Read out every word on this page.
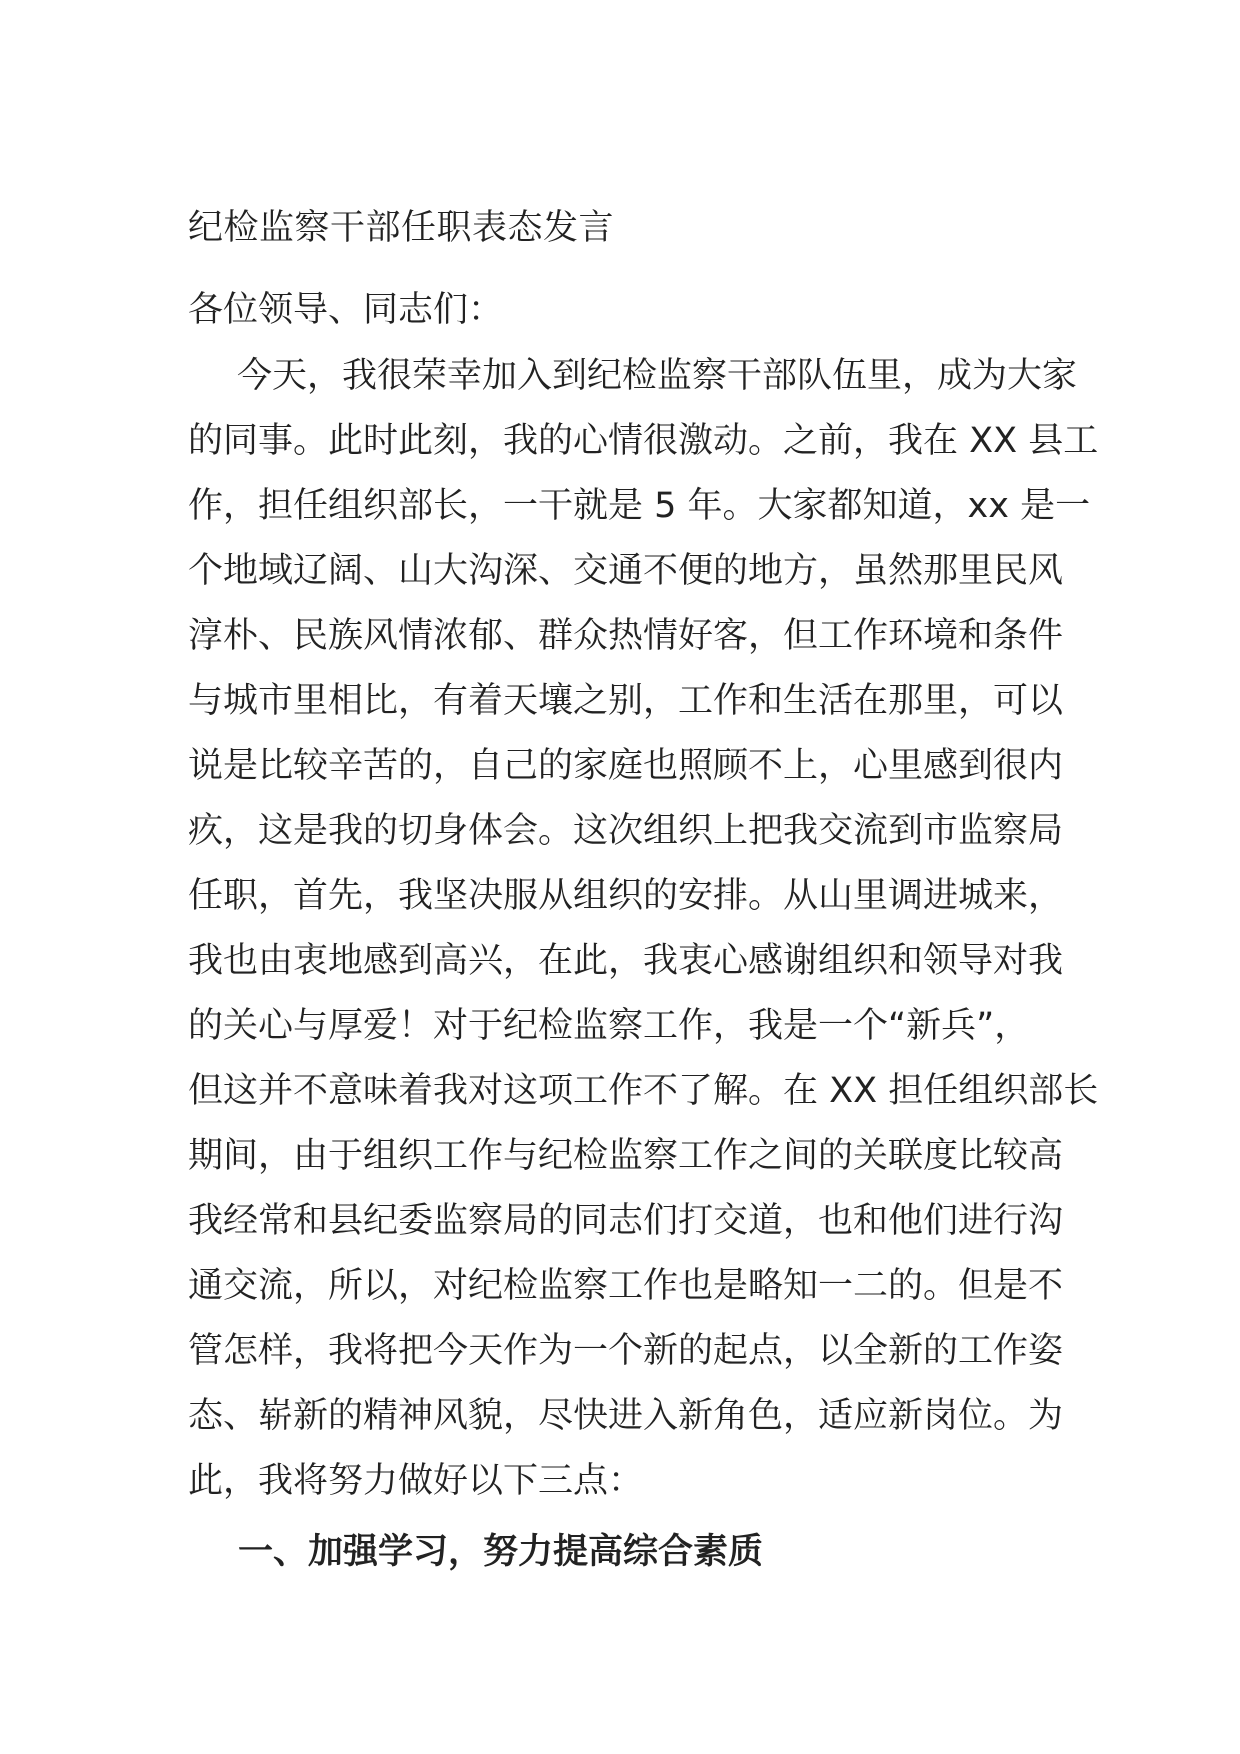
纪检监察干部任职表态发言
各位领导、同志们：
今天，我很荣幸加入到纪检监察干部队伍里，成为大家
的同事。此时此刻，我的心情很激动。之前，我在 XX 县工
作，担任组织部长，一干就是 5 年。大家都知道，xx 是一
个地域辽阔、山大沟深、交通不便的地方，虽然那里民风
淳朴、民族风情浓郁、群众热情好客，但工作环境和条件
与城市里相比，有着天壤之别，工作和生活在那里，可以
说是比较辛苦的，自己的家庭也照顾不上，心里感到很内
疚，这是我的切身体会。这次组织上把我交流到市监察局
任职，首先，我坚决服从组织的安排。从山里调进城来，
我也由衷地感到高兴，在此，我衷心感谢组织和领导对我
的关心与厚爱！对于纪检监察工作，我是一个“新兵”，
但这并不意味着我对这项工作不了解。在 XX 担任组织部长
期间，由于组织工作与纪检监察工作之间的关联度比较高
我经常和县纪委监察局的同志们打交道，也和他们进行沟
通交流，所以，对纪检监察工作也是略知一二的。但是不
管怎样，我将把今天作为一个新的起点，以全新的工作姿
态、崭新的精神风貌，尽快进入新角色，适应新岗位。为
此，我将努力做好以下三点：
一、加强学习，努力提高综合素质
